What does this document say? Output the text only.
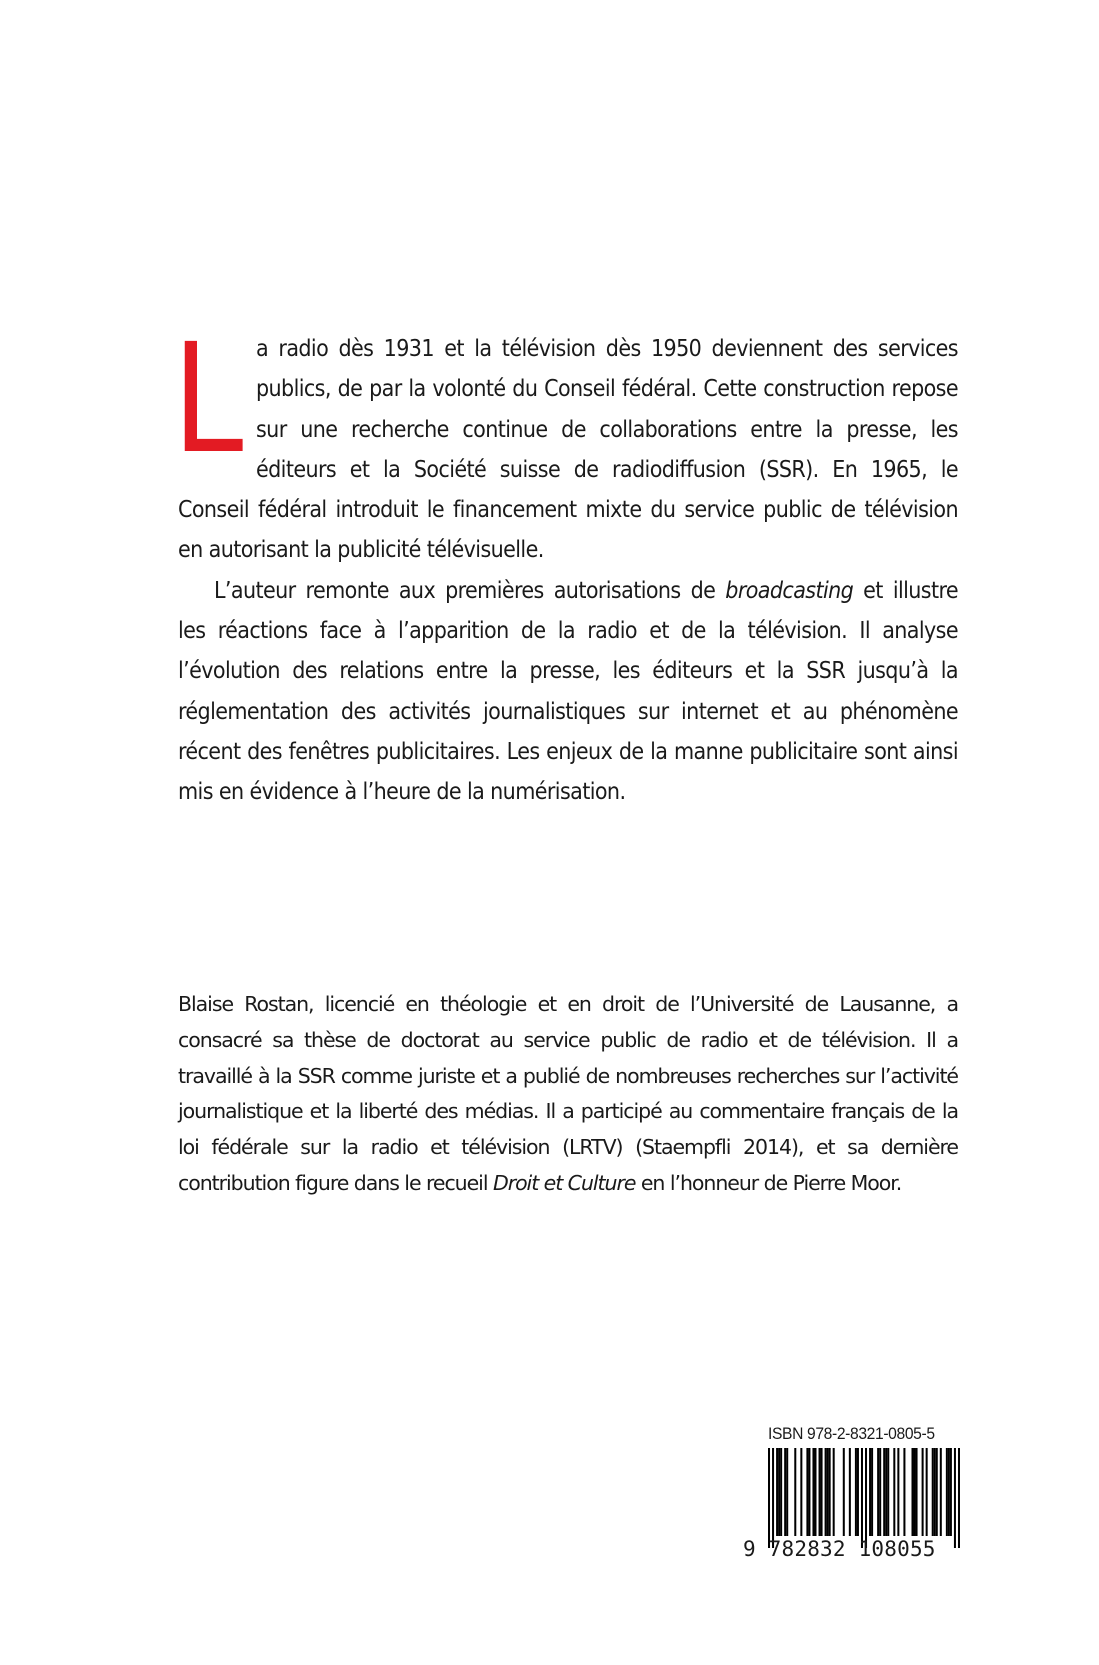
La radio dès 1931 et la télévision dès 1950 deviennent des services publics, de par la volonté du Conseil fédéral. Cette construction repose sur une recherche continue de collaborations entre la presse, les éditeurs et la Société suisse de radiodiffusion (SSR). En 1965, le Conseil fédéral introduit le financement mixte du service public de télévision en autorisant la publicité télévisuelle.

L’auteur remonte aux premières autorisations de broadcasting et illustre les réactions face à l’apparition de la radio et de la télévision. Il analyse l’évolution des relations entre la presse, les éditeurs et la SSR jusqu’à la réglementation des activités journalistiques sur internet et au phénomène récent des fenêtres publicitaires. Les enjeux de la manne publicitaire sont ainsi mis en évidence à l’heure de la numérisation.

Blaise Rostan, licencié en théologie et en droit de l’Université de Lausanne, a consacré sa thèse de doctorat au service public de radio et de télévision. Il a travaillé à la SSR comme juriste et a publié de nombreuses recherches sur l’activité journalistique et la liberté des médias. Il a participé au commentaire français de la loi fédérale sur la radio et télévision (LRTV) (Staempfli 2014), et sa dernière contribution figure dans le recueil Droit et Culture en l’honneur de Pierre Moor.

ISBN 978-2-8321-0805-5
9 782832 108055
